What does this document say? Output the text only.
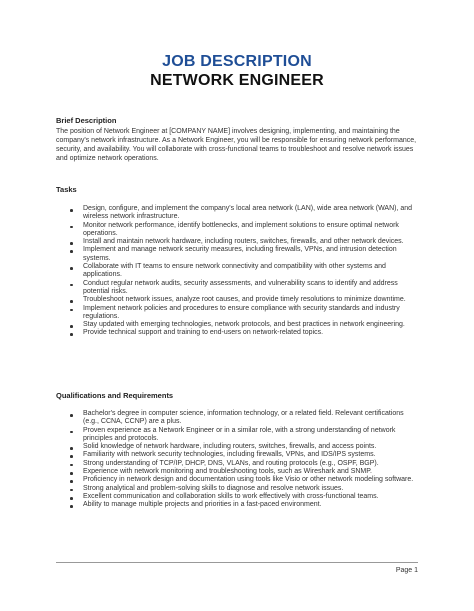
JOB DESCRIPTION
NETWORK ENGINEER
Brief Description
The position of Network Engineer at [COMPANY NAME] involves designing, implementing, and maintaining the company's network infrastructure. As a Network Engineer, you will be responsible for ensuring network performance, security, and availability. You will collaborate with cross-functional teams to troubleshoot and resolve network issues and optimize network operations.
Tasks
Design, configure, and implement the company's local area network (LAN), wide area network (WAN), and wireless network infrastructure.
Monitor network performance, identify bottlenecks, and implement solutions to ensure optimal network operations.
Install and maintain network hardware, including routers, switches, firewalls, and other network devices.
Implement and manage network security measures, including firewalls, VPNs, and intrusion detection systems.
Collaborate with IT teams to ensure network connectivity and compatibility with other systems and applications.
Conduct regular network audits, security assessments, and vulnerability scans to identify and address potential risks.
Troubleshoot network issues, analyze root causes, and provide timely resolutions to minimize downtime.
Implement network policies and procedures to ensure compliance with security standards and industry regulations.
Stay updated with emerging technologies, network protocols, and best practices in network engineering.
Provide technical support and training to end-users on network-related topics.
Qualifications and Requirements
Bachelor's degree in computer science, information technology, or a related field. Relevant certifications (e.g., CCNA, CCNP) are a plus.
Proven experience as a Network Engineer or in a similar role, with a strong understanding of network principles and protocols.
Solid knowledge of network hardware, including routers, switches, firewalls, and access points.
Familiarity with network security technologies, including firewalls, VPNs, and IDS/IPS systems.
Strong understanding of TCP/IP, DHCP, DNS, VLANs, and routing protocols (e.g., OSPF, BGP).
Experience with network monitoring and troubleshooting tools, such as Wireshark and SNMP.
Proficiency in network design and documentation using tools like Visio or other network modeling software.
Strong analytical and problem-solving skills to diagnose and resolve network issues.
Excellent communication and collaboration skills to work effectively with cross-functional teams.
Ability to manage multiple projects and priorities in a fast-paced environment.
Page 1
